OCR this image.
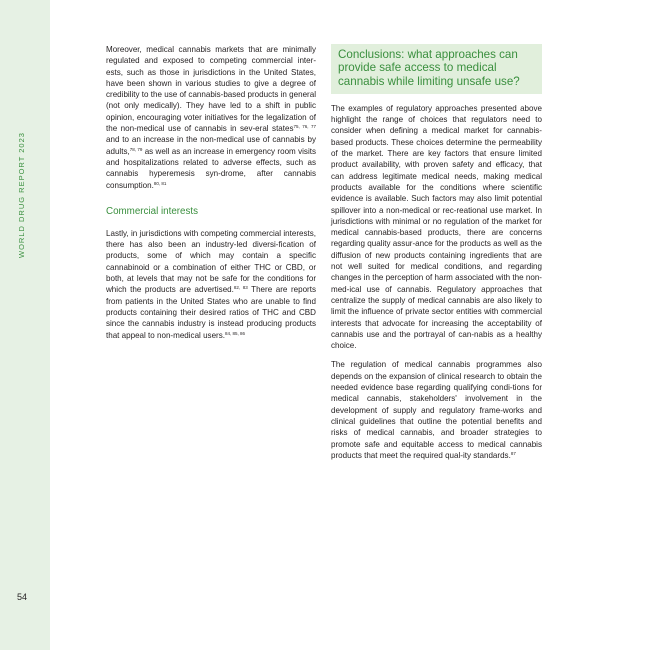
WORLD DRUG REPORT 2023
54

Moreover, medical cannabis markets that are minimally regulated and exposed to competing commercial inter-ests, such as those in jurisdictions in the United States, have been shown in various studies to give a degree of credibility to the use of cannabis-based products in general (not only medically). They have led to a shift in public opinion, encouraging voter initiatives for the legalization of the non-medical use of cannabis in sev-eral states$^{75, 76, 77}$ and to an increase in the non-medical use of cannabis by adults,$^{78, 79}$ as well as an increase in emergency room visits and hospitalizations related to adverse effects, such as cannabis hyperemesis syn-drome, after cannabis consumption.$^{80, 81}$

Commercial interests

Lastly, in jurisdictions with competing commercial interests, there has also been an industry-led diversi-fication of products, some of which may contain a specific cannabinoid or a combination of either THC or CBD, or both, at levels that may not be safe for the conditions for which the products are advertised.$^{82, 83}$ There are reports from patients in the United States who are unable to find products containing their desired ratios of THC and CBD since the cannabis industry is instead producing products that appeal to non-medical users.$^{84, 85, 86}$

Conclusions: what approaches can provide safe access to medical cannabis while limiting unsafe use?

The examples of regulatory approaches presented above highlight the range of choices that regulators need to consider when defining a medical market for cannabis-based products. These choices determine the permeability of the market. There are key factors that ensure limited product availability, with proven safety and efficacy, that can address legitimate medical needs, making medical products available for the conditions where scientific evidence is available. Such factors may also limit potential spillover into a non-medical or rec-reational use market. In jurisdictions with minimal or no regulation of the market for medical cannabis-based products, there are concerns regarding quality assur-ance for the products as well as the diffusion of new products containing ingredients that are not well suited for medical conditions, and regarding changes in the perception of harm associated with the non-med-ical use of cannabis. Regulatory approaches that centralize the supply of medical cannabis are also likely to limit the influence of private sector entities with commercial interests that advocate for increasing the acceptability of cannabis use and the portrayal of can-nabis as a healthy choice.

The regulation of medical cannabis programmes also depends on the expansion of clinical research to obtain the needed evidence base regarding qualifying condi-tions for medical cannabis, stakeholders' involvement in the development of supply and regulatory frame-works and clinical guidelines that outline the potential benefits and risks of medical cannabis, and broader strategies to promote safe and equitable access to medical cannabis products that meet the required qual-ity standards.$^{87}$
